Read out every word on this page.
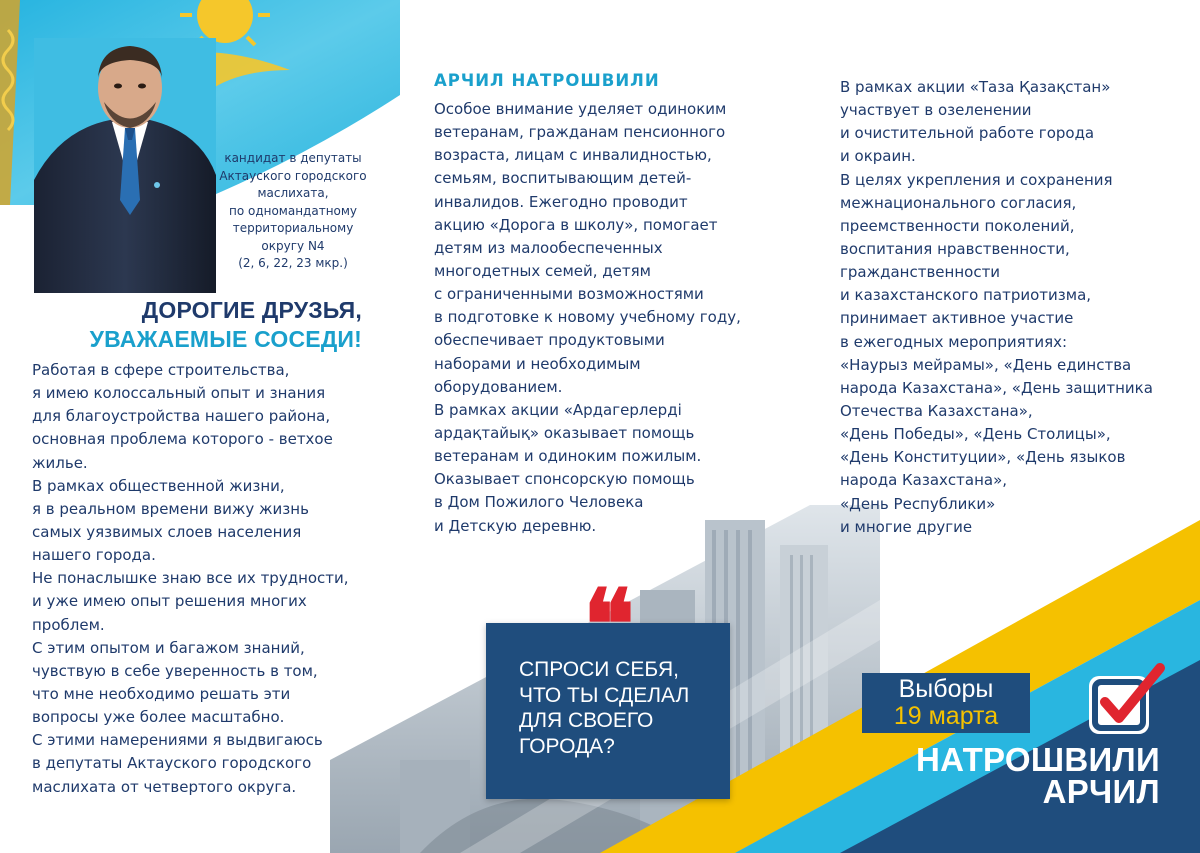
кандидат в депутаты
Актауского городского
маслихата,
по одномандатному
территориальному
округу N4
(2, 6, 22, 23 мкр.)
ДОРОГИЕ ДРУЗЬЯ,
УВАЖАЕМЫЕ СОСЕДИ!
Работая в сфере строительства,
я имею колоссальный опыт и знания
для благоустройства нашего района,
основная проблема которого - ветхое
жилье.
В рамках общественной жизни,
я в реальном времени вижу жизнь
самых уязвимых слоев населения
нашего города.
Не понаслышке знаю все их трудности,
и уже имею опыт решения многих
проблем.
С этим опытом и багажом знаний,
чувствую в себе уверенность в том,
что мне необходимо решать эти
вопросы уже более масштабно.
С этими намерениями я выдвигаюсь
в депутаты Актауского городского
маслихата от четвертого округа.
АРЧИЛ НАТРОШВИЛИ
Особое внимание уделяет одиноким
ветеранам, гражданам пенсионного
возраста, лицам с инвалидностью,
семьям, воспитывающим детей-
инвалидов. Ежегодно проводит
акцию «Дорога в школу», помогает
детям из малообеспеченных
многодетных семей, детям
с ограниченными возможностями
в подготовке к новому учебному году,
обеспечивает продуктовыми
наборами и необходимым
оборудованием.
В рамках акции «Ардагерлерді
ардақтайық» оказывает помощь
ветеранам и одиноким пожилым.
Оказывает спонсорскую помощь
в Дом Пожилого Человека
и Детскую деревню.
В рамках акции «Таза Қазақстан»
участвует в озеленении
и очистительной работе города
и окраин.
В целях укрепления и сохранения
межнационального согласия,
преемственности поколений,
воспитания нравственности,
гражданственности
и казахстанского патриотизма,
принимает активное участие
в ежегодных мероприятиях:
«Наурыз мейрамы», «День единства
народа Казахстана», «День защитника
Отечества Казахстана»,
«День Победы», «День Столицы»,
«День Конституции», «День языков
народа Казахстана»,
«День Республики»
и многие другие
❝
СПРОСИ СЕБЯ,
ЧТО ТЫ СДЕЛАЛ
ДЛЯ СВОЕГО
ГОРОДА?
Выборы
19 марта
НАТРОШВИЛИ
АРЧИЛ
